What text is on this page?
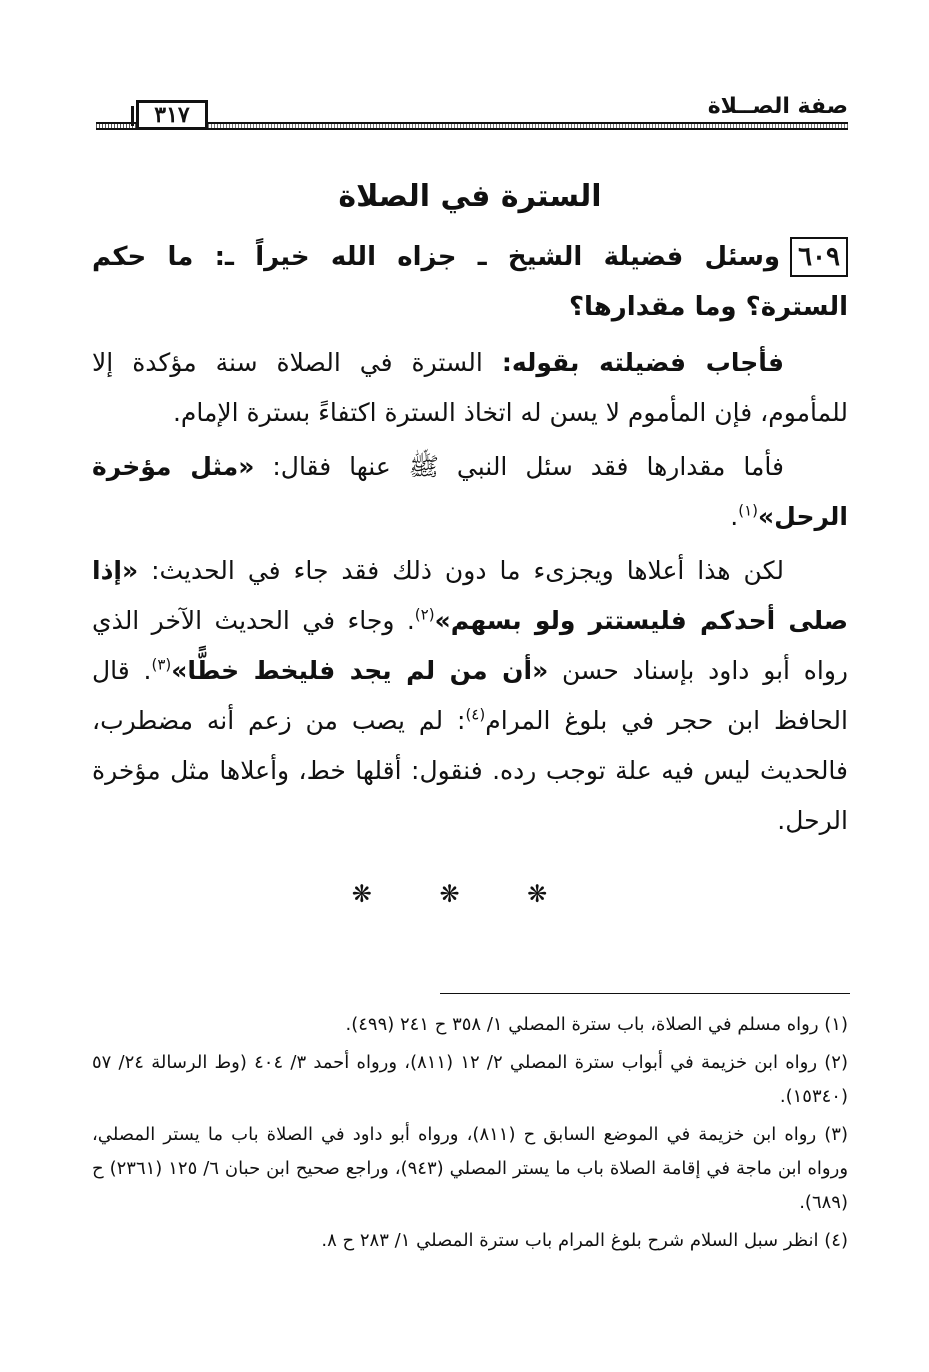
٣١٧	صفة الصــلاة
السترة في الصلاة
٦٠٩وسئل فضيلة الشيخ ـ جزاه الله خيراً ـ: ما حكم السترة؟ وما مقدارها؟
فأجاب فضيلته بقوله: السترة في الصلاة سنة مؤكدة إلا للمأموم، فإن المأموم لا يسن له اتخاذ السترة اكتفاءً بسترة الإمام.
فأما مقدارها فقد سئل النبي ﷺ عنها فقال: «مثل مؤخرة الرحل»$^{(١)}$.
لكن هذا أعلاها ويجزىء ما دون ذلك فقد جاء في الحديث: «إذا صلى أحدكم فليستتر ولو بسهم»$^{(٢)}$. وجاء في الحديث الآخر الذي رواه أبو داود بإسناد حسن «أن من لم يجد فليخط خطًّا»$^{(٣)}$. قال الحافظ ابن حجر في بلوغ المرام$^{(٤)}$: لم يصب من زعم أنه مضطرب، فالحديث ليس فيه علة توجب رده. فنقول: أقلها خط، وأعلاها مثل مؤخرة الرحل.
❋ ❋ ❋
(١) رواه مسلم في الصلاة، باب سترة المصلي ١/ ٣٥٨ ح ٢٤١ (٤٩٩).
(٢) رواه ابن خزيمة في أبواب سترة المصلي ٢/ ١٢ (٨١١)، ورواه أحمد ٣/ ٤٠٤ (وط الرسالة ٢٤/ ٥٧ (١٥٣٤٠).
(٣) رواه ابن خزيمة في الموضع السابق ح (٨١١)، ورواه أبو داود في الصلاة باب ما يستر المصلي، ورواه ابن ماجة في إقامة الصلاة باب ما يستر المصلي (٩٤٣)، وراجع صحيح ابن حبان ٦/ ١٢٥ (٢٣٦١) ح (٦٨٩).
(٤) انظر سبل السلام شرح بلوغ المرام باب سترة المصلي ١/ ٢٨٣ ح ٨.
